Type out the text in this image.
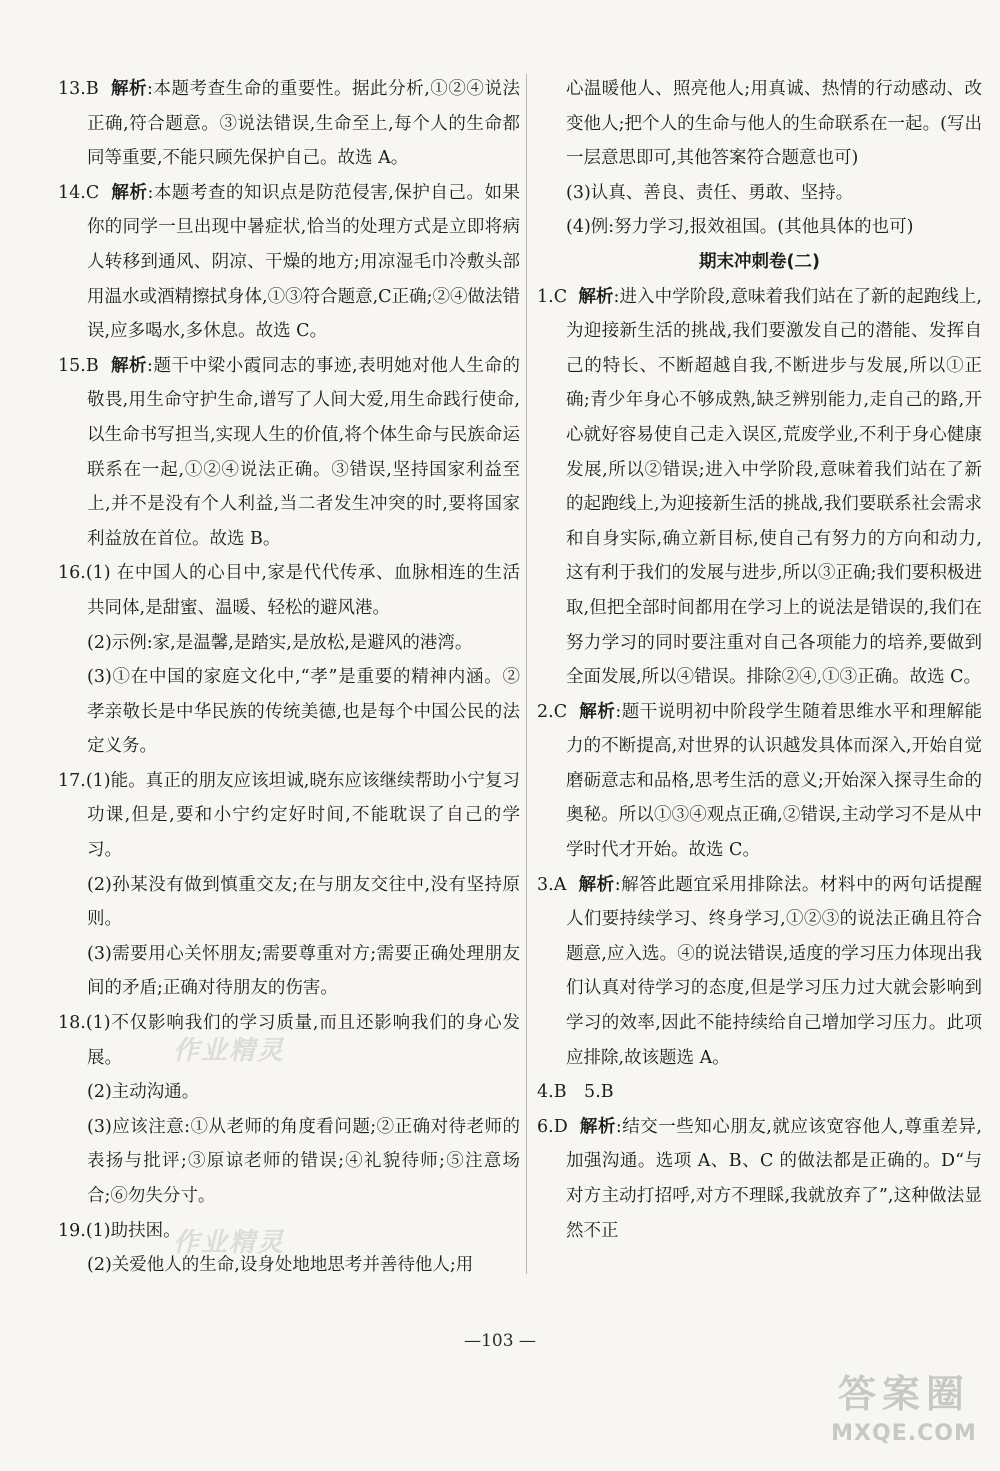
13.B 解析:本题考查生命的重要性。据此分析,①②④说法正确,符合题意。③说法错误,生命至上,每个人的生命都同等重要,不能只顾先保护自己。故选 A。

14.C 解析:本题考查的知识点是防范侵害,保护自己。如果你的同学一旦出现中暑症状,恰当的处理方式是立即将病人转移到通风、阴凉、干燥的地方;用凉湿毛巾冷敷头部用温水或酒精擦拭身体,①③符合题意,C正确;②④做法错误,应多喝水,多休息。故选 C。

15.B 解析:题干中梁小霞同志的事迹,表明她对他人生命的敬畏,用生命守护生命,谱写了人间大爱,用生命践行使命,以生命书写担当,实现人生的价值,将个体生命与民族命运联系在一起,①②④说法正确。③错误,坚持国家利益至上,并不是没有个人利益,当二者发生冲突的时,要将国家利益放在首位。故选 B。

16.(1) 在中国人的心目中,家是代代传承、血脉相连的生活共同体,是甜蜜、温暖、轻松的避风港。

(2)示例:家,是温馨,是踏实,是放松,是避风的港湾。

(3)①在中国的家庭文化中,“孝”是重要的精神内涵。②孝亲敬长是中华民族的传统美德,也是每个中国公民的法定义务。

17.(1)能。真正的朋友应该坦诚,晓东应该继续帮助小宁复习功课,但是,要和小宁约定好时间,不能耽误了自己的学习。

(2)孙某没有做到慎重交友;在与朋友交往中,没有坚持原则。

(3)需要用心关怀朋友;需要尊重对方;需要正确处理朋友间的矛盾;正确对待朋友的伤害。

18.(1)不仅影响我们的学习质量,而且还影响我们的身心发展。

(2)主动沟通。

(3)应该注意:①从老师的角度看问题;②正确对待老师的表扬与批评;③原谅老师的错误;④礼貌待师;⑤注意场合;⑥勿失分寸。

19.(1)助扶困。

(2)关爱他人的生命,设身处地地思考并善待他人;用

心温暖他人、照亮他人;用真诚、热情的行动感动、改变他人;把个人的生命与他人的生命联系在一起。(写出一层意思即可,其他答案符合题意也可)

(3)认真、善良、责任、勇敢、坚持。

(4)例:努力学习,报效祖国。(其他具体的也可)

期末冲刺卷(二)

1.C 解析:进入中学阶段,意味着我们站在了新的起跑线上,为迎接新生活的挑战,我们要激发自己的潜能、发挥自己的特长、不断超越自我,不断进步与发展,所以①正确;青少年身心不够成熟,缺乏辨别能力,走自己的路,开心就好容易使自己走入误区,荒废学业,不利于身心健康发展,所以②错误;进入中学阶段,意味着我们站在了新的起跑线上,为迎接新生活的挑战,我们要联系社会需求和自身实际,确立新目标,使自己有努力的方向和动力,这有利于我们的发展与进步,所以③正确;我们要积极进取,但把全部时间都用在学习上的说法是错误的,我们在努力学习的同时要注重对自己各项能力的培养,要做到全面发展,所以④错误。排除②④,①③正确。故选 C。

2.C 解析:题干说明初中阶段学生随着思维水平和理解能力的不断提高,对世界的认识越发具体而深入,开始自觉磨砺意志和品格,思考生活的意义;开始深入探寻生命的奥秘。所以①③④观点正确,②错误,主动学习不是从中学时代才开始。故选 C。

3.A 解析:解答此题宜采用排除法。材料中的两句话提醒人们要持续学习、终身学习,①②③的说法正确且符合题意,应入选。④的说法错误,适度的学习压力体现出我们认真对待学习的态度,但是学习压力过大就会影响到学习的效率,因此不能持续给自己增加学习压力。此项应排除,故该题选 A。

4.B　5.B

6.D 解析:结交一些知心朋友,就应该宽容他人,尊重差异,加强沟通。选项 A、B、C 的做法都是正确的。D“与对方主动打招呼,对方不理睬,我就放弃了”,这种做法显然不正

作业精灵
作业精灵
—103 —
答案圈
MXQE.COM
